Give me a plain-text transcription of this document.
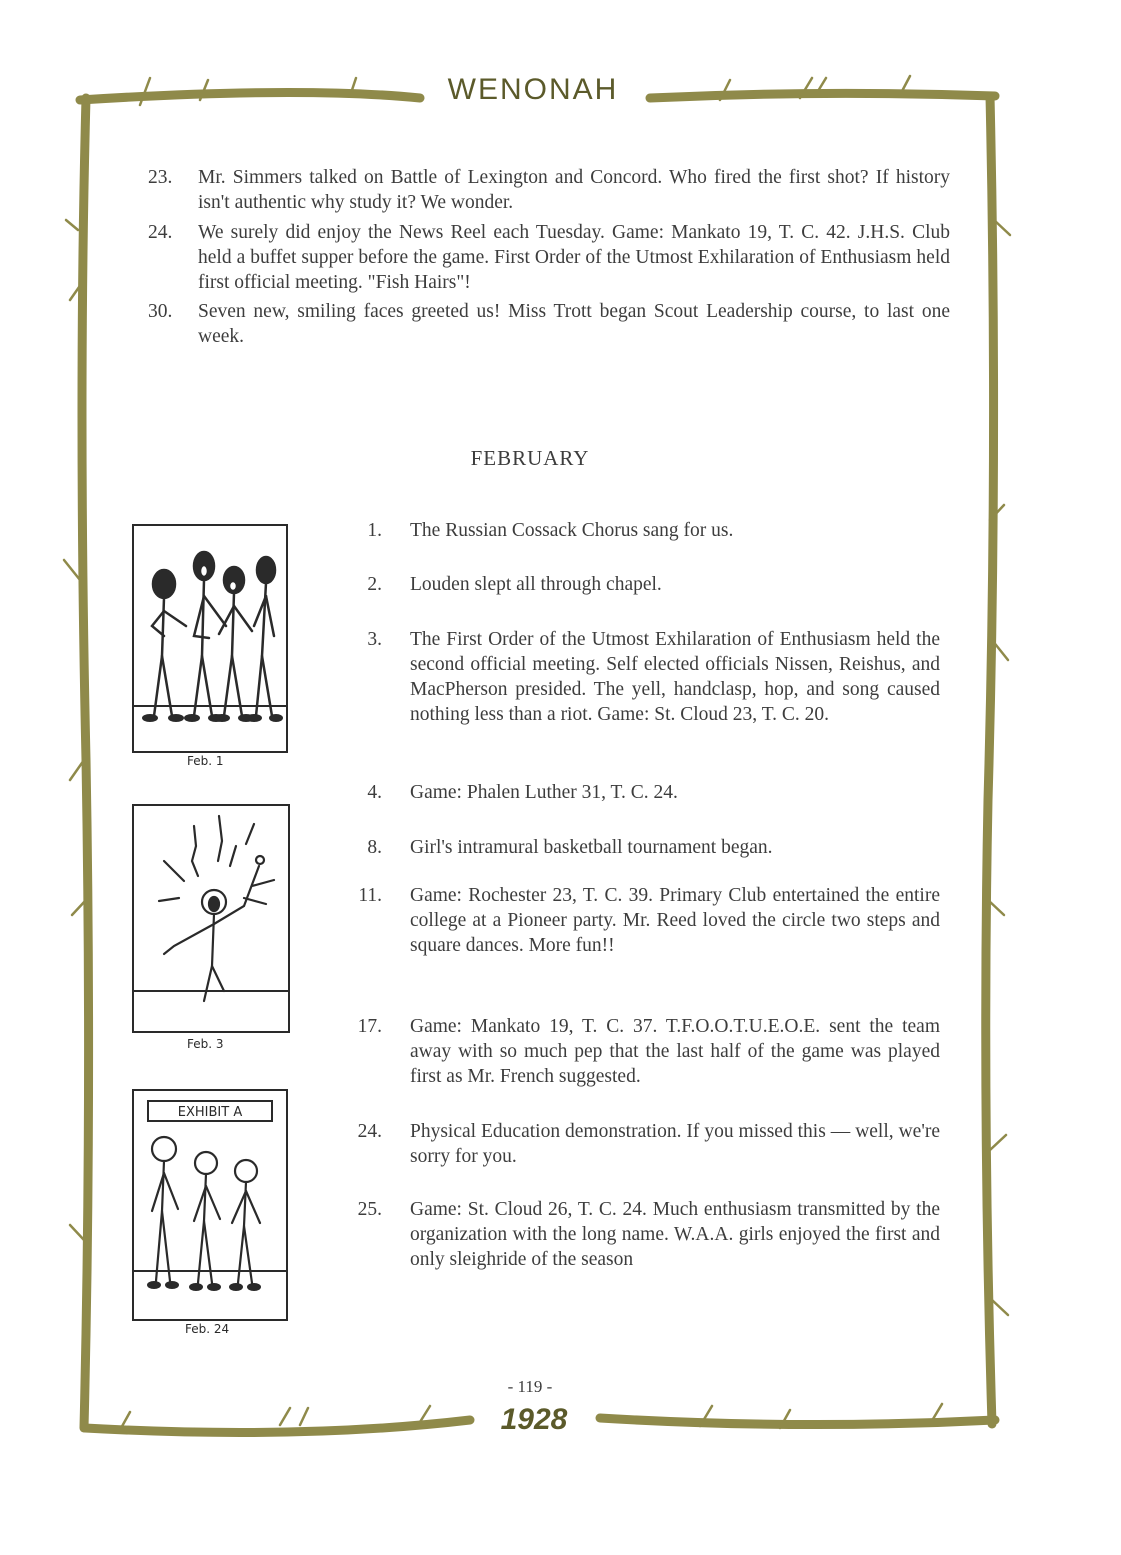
WENONAH
23.	Mr. Simmers talked on Battle of Lexington and Concord. Who fired the first shot? If history isn't authentic why study it? We wonder.
24.	We surely did enjoy the News Reel each Tuesday. Game: Mankato 19, T. C. 42. J.H.S. Club held a buffet supper before the game. First Order of the Utmost Exhilaration of Enthusiasm held first official meeting. "Fish Hairs"!
30.	Seven new, smiling faces greeted us! Miss Trott began Scout Leadership course, to last one week.
FEBRUARY
Feb. 1
Feb. 3
EXHIBIT A
Feb. 24
1. The Russian Cossack Chorus sang for us.
2. Louden slept all through chapel.
3. The First Order of the Utmost Exhilaration of Enthusiasm held the second official meeting. Self elected officials Nissen, Reishus, and MacPherson presided. The yell, handclasp, hop, and song caused nothing less than a riot. Game: St. Cloud 23, T. C. 20.
4. Game: Phalen Luther 31, T. C. 24.
8. Girl's intramural basketball tournament began.
11. Game: Rochester 23, T. C. 39. Primary Club entertained the entire college at a Pioneer party. Mr. Reed loved the circle two steps and square dances. More fun!!
17. Game: Mankato 19, T. C. 37. T.F.O.O.T.U.E.O.E. sent the team away with so much pep that the last half of the game was played first as Mr. French suggested.
24. Physical Education demonstration. If you missed this — well, we're sorry for you.
25. Game: St. Cloud 26, T. C. 24. Much enthusiasm transmitted by the organization with the long name. W.A.A. girls enjoyed the first and only sleighride of the season
- 119 -
1928
